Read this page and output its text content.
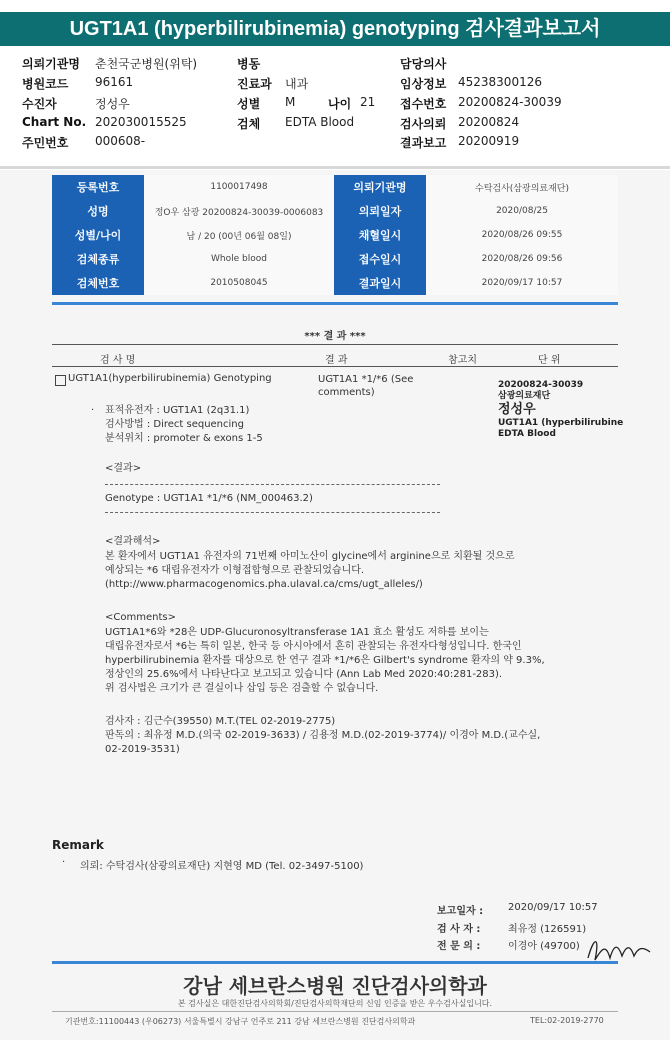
UGT1A1 (hyperbilirubinemia) genotyping 검사결과보고서
의뢰기관명 춘천국군병원(위탁)	병동	담당의사
병원코드 96161	진료과 내과	임상정보 45238300126
수진자	정성우	성별 M	나이 21 접수번호 20200824-30039
Chart No. 202030015525	검체 EDTA Blood	검사의뢰 20200824
주민번호 000608-	결과보고 20200919
등록번호	1100017498	의뢰기관명	수탁검사(삼광의료재단)
성명	정O우 삼광 20200824-30039-0006083	의뢰일자	2020/08/25
성별/나이	남 / 20 (00년 06월 08일)	채혈일시	2020/08/26 09:55
검체종류	Whole blood	접수일시	2020/08/26 09:56
검체번호	2010508045	결과일시	2020/09/17 10:57
*** 결 과 ***
검 사 명	결 과	참고치	단 위
UGT1A1(hyperbilirubinemia) Genotyping	UGT1A1 *1/*6 (See comments)
20200824-30039
삼광의료재단
정성우
UGT1A1 (hyperbilirubine
EDTA Blood
· 표적유전자 : UGT1A1 (2q31.1)
검사방법 : Direct sequencing
분석위치 : promoter & exons 1-5
<결과>
Genotype : UGT1A1 *1/*6 (NM_000463.2)
<결과해석>
본 환자에서 UGT1A1 유전자의 71번째 아미노산이 glycine에서 arginine으로 치환될 것으로
예상되는 *6 대립유전자가 이형접합형으로 관찰되었습니다.
(http://www.pharmacogenomics.pha.ulaval.ca/cms/ugt_alleles/)
<Comments>
UGT1A1*6와 *28은 UDP-Glucuronosyltransferase 1A1 효소 활성도 저하를 보이는
대립유전자로서 *6는 특히 일본, 한국 등 아시아에서 흔히 관찰되는 유전자다형성입니다. 한국인
hyperbilirubinemia 환자를 대상으로 한 연구 결과 *1/*6은 Gilbert's syndrome 환자의 약 9.3%,
정상인의 25.6%에서 나타난다고 보고되고 있습니다 (Ann Lab Med 2020:40:281-283).
위 검사법은 크기가 큰 결실이나 삽입 등은 검출할 수 없습니다.
검사자 : 김근수(39550) M.T.(TEL 02-2019-2775)
판독의 : 최유정 M.D.(의국 02-2019-3633) / 김용정 M.D.(02-2019-3774)/ 이경아 M.D.(교수실,
02-2019-3531)
Remark
· 의뢰: 수탁검사(삼광의료재단) 지현영 MD (Tel. 02-3497-5100)
보고일자 : 2020/09/17 10:57
검 사 자 :	최유정 (126591)
전 문 의 :	이경아 (49700)
강남 세브란스병원 진단검사의학과
본 검사실은 대한진단검사의학회/진단검사의학재단의 신임 인증을 받은 우수검사실입니다.
기관번호:11100443 (우06273) 서울특별시 강남구 언주로 211 강남 세브란스병원 진단검사의학과	TEL:02-2019-2770
